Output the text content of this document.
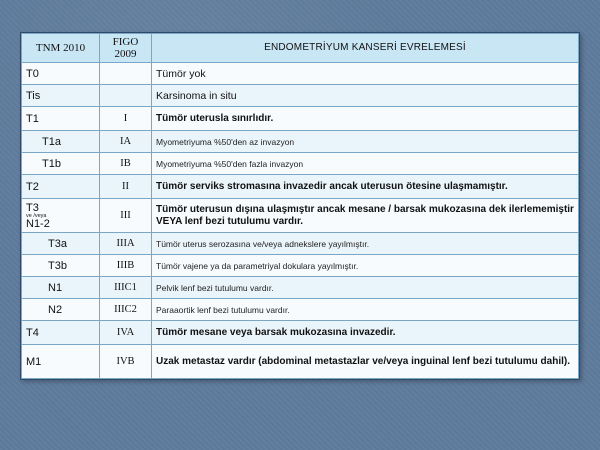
TNM 2010	FIGO 2009	ENDOMETRİYUM KANSERİ EVRELEMESİ
T0		Tümör yok
Tis		Karsinoma in situ
T1	I	Tümör uterusla sınırlıdır.
T1a	IA	Myometriyuma %50'den az invazyon
T1b	IB	Myometriyuma %50'den fazla invazyon
T2	II	Tümör serviks stromasına invazedir ancak uterusun ötesine ulaşmamıştır.

T3
ve /veya
N1-2	III	Tümör uterusun dışına ulaşmıştır ancak mesane / barsak mukozasına dek ilerlememiştir VEYA lenf bezi tutulumu vardır.
T3a	IIIA	Tümör uterus serozasına ve/veya adnekslere yayılmıştır.
T3b	IIIB	Tümör vajene ya da parametriyal dokulara yayılmıştır.
N1	IIIC1	Pelvik lenf bezi tutulumu vardır.
N2	IIIC2	Paraaortik lenf bezi tutulumu vardır.
T4	IVA	Tümör mesane veya barsak mukozasına invazedir.
M1	IVB	Uzak metastaz vardır (abdominal metastazlar ve/veya inguinal lenf bezi tutulumu dahil).
